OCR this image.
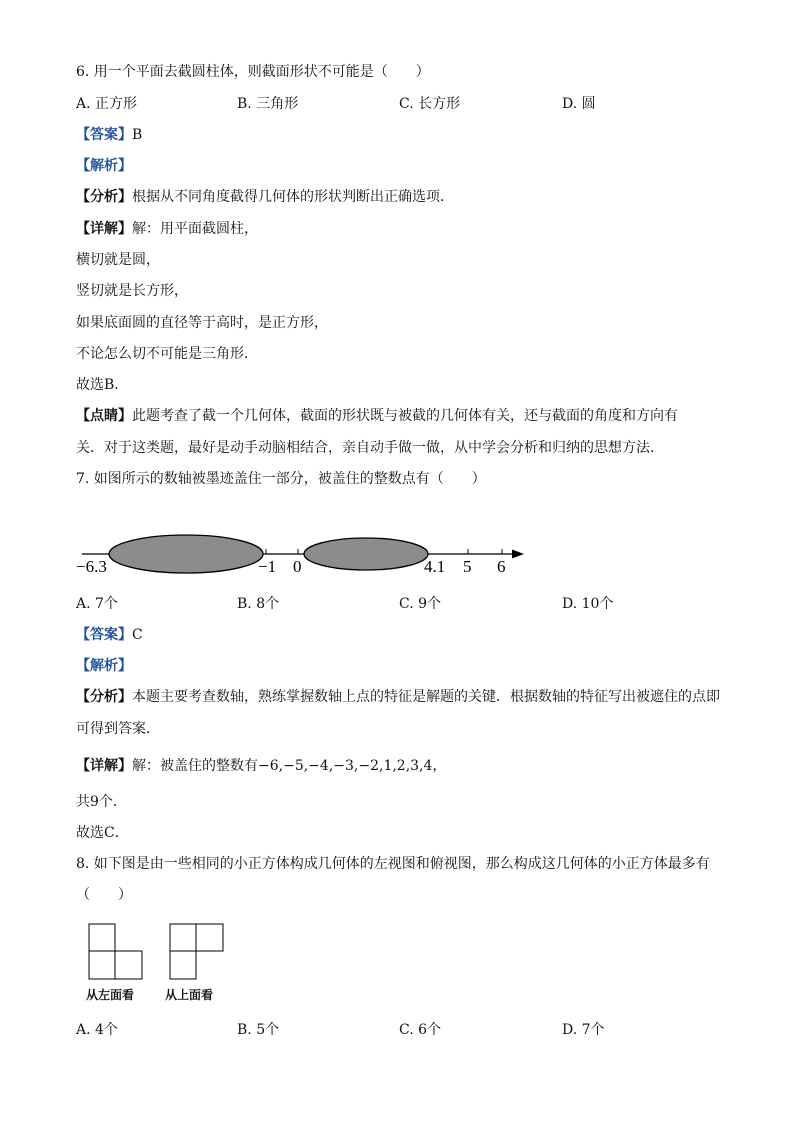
6. 用一个平面去截圆柱体，则截面形状不可能是（　　）
A. 正方形	B. 三角形	C. 长方形	D. 圆
【答案】B
【解析】
【分析】根据从不同角度截得几何体的形状判断出正确选项．
【详解】解：用平面截圆柱，
横切就是圆，
竖切就是长方形，
如果底面圆的直径等于高时，是正方形，
不论怎么切不可能是三角形．
故选B．
【点睛】此题考查了截一个几何体，截面的形状既与被截的几何体有关，还与截面的角度和方向有
关．对于这类题，最好是动手动脑相结合，亲自动手做一做，从中学会分析和归纳的思想方法．
7. 如图所示的数轴被墨迹盖住一部分，被盖住的整数点有（　　）
−6.3	−1 0	4.1 5 6
A. 7个	B. 8个	C. 9个	D. 10个
【答案】C
【解析】
【分析】本题主要考查数轴，熟练掌握数轴上点的特征是解题的关键．根据数轴的特征写出被遮住的点即
可得到答案．
【详解】解：被盖住的整数有−6,−5,−4,−3,−2,1,2,3,4，
共9个．
故选C．
8. 如下图是由一些相同的小正方体构成几何体的左视图和俯视图，那么构成这几何体的小正方体最多有
（　　）
从左面看	从上面看
A. 4个	B. 5个	C. 6个	D. 7个
